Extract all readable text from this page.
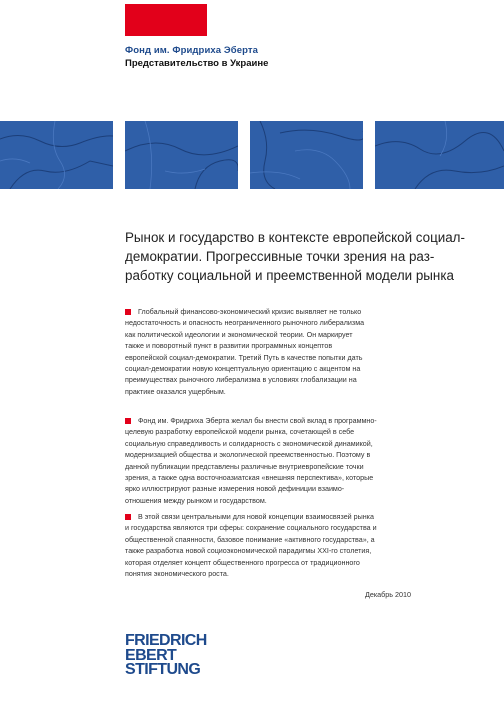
Фонд им. Фридриха Эберта
Представительство в Украине
Рынок и государство в контексте европейской социал-
демократии. Прогрессивные точки зрения на раз-
работку социальной и преемственной модели рынка
Глобальный финансово-экономический кризис выявляет не только
недостаточность и опасность неограниченного рыночного либерализма
как политической идеологии и экономической теории. Он маркирует
также и поворотный пункт в развитии программных концептов
европейской социал-демократии. Третий Путь в качестве попытки дать
социал-демократии новую концептуальную ориентацию с акцентом на
преимуществах рыночного либерализма в условиях глобализации на
практике оказался ущербным.
Фонд им. Фридриха Эберта желал бы внести свой вклад в программно-
целевую разработку европейской модели рынка, сочетающей в себе
социальную справедливость и солидарность с экономической динамикой,
модернизацией общества и экологической преемственностью. Поэтому в
данной публикации представлены различные внутриевропейские точки
зрения, а также одна восточноазиатская «внешняя перспектива», которые
ярко иллюстрируют разные измерения новой дефиниции взаимо-
отношения между рынком и государством.
В этой связи центральными для новой концепции взаимосвязей рынка
и государства являются три сферы: сохранение социального государства и
общественной спаянности, базовое понимание «активного государства», а
также разработка новой социоэкономической парадигмы XXI-го столетия,
которая отделяет концепт общественного прогресса от традиционного
понятия экономического роста.
Декабрь 2010
FRIEDRICH
EBERT
STIFTUNG
